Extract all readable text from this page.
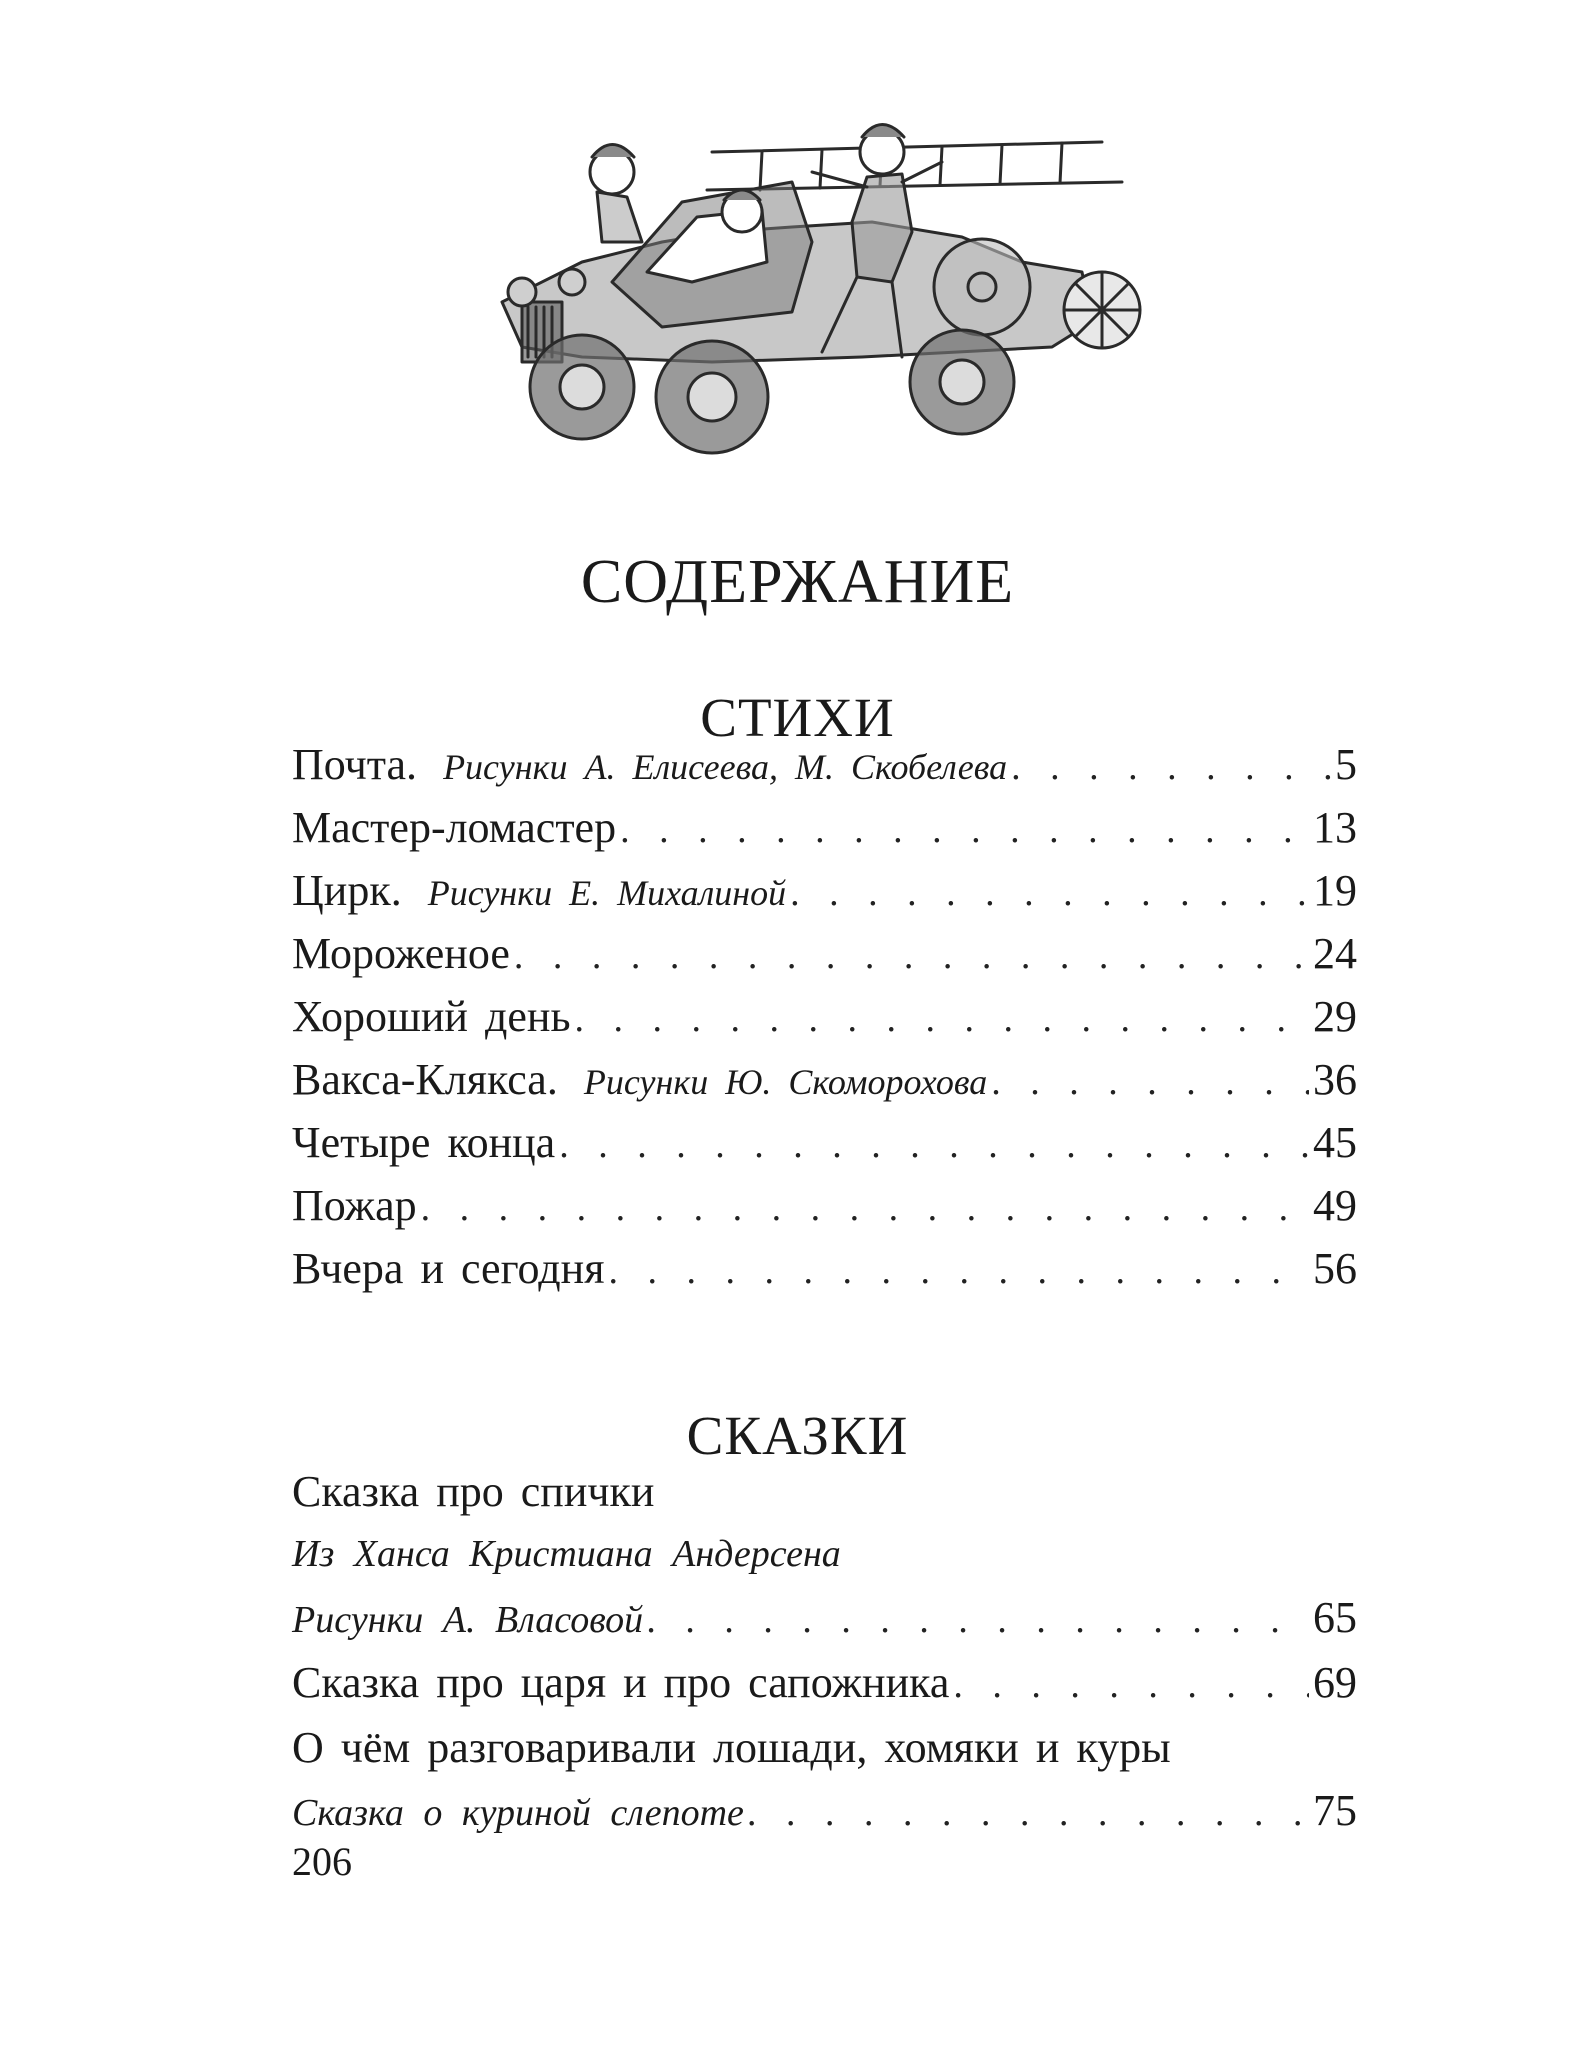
СОДЕРЖАНИЕ
СТИХИ
Почта. Рисунки А. Елисеева, М. Скобелева . . .	5
Мастер-ломастер . . .	13
Цирк. Рисунки Е. Михалиной . . .	19
Мороженое . . .	24
Хороший день . . .	29
Вакса-Клякса. Рисунки Ю. Скоморохова . . .	36
Четыре конца . . .	45
Пожар . . .	49
Вчера и сегодня . . .	56
СКАЗКИ
Сказка про спички
Из Ханса Кристиана Андерсена
Рисунки А. Власовой . . .	65
Сказка про царя и про сапожника . . .	69
О чём разговаривали лошади, хомяки и куры
Сказка о куриной слепоте . . .	75
206
